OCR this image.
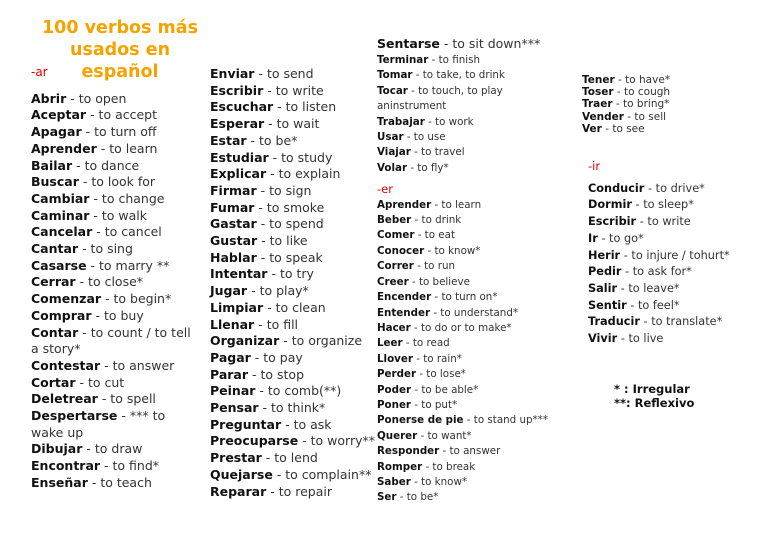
100 verbos más usados en español
-ar
Abrir - to open
Aceptar - to accept
Apagar - to turn off
Aprender - to learn
Bailar - to dance
Buscar - to look for
Cambiar - to change
Caminar - to walk
Cancelar - to cancel
Cantar - to sing
Casarse - to marry **
Cerrar - to close*
Comenzar - to begin*
Comprar - to buy
Contar - to count / to tell a story*
Contestar - to answer
Cortar - to cut
Deletrear - to spell
Despertarse - *** to wake up
Dibujar - to draw
Encontrar - to find*
Enseñar - to teach
Enviar - to send
Escribir - to write
Escuchar - to listen
Esperar - to wait
Estar - to be*
Estudiar - to study
Explicar - to explain
Firmar - to sign
Fumar - to smoke
Gastar - to spend
Gustar - to like
Hablar - to speak
Intentar - to try
Jugar - to play*
Limpiar - to clean
Llenar - to fill
Organizar - to organize
Pagar - to pay
Parar - to stop
Peinar - to comb(**)
Pensar - to think*
Preguntar - to ask
Preocuparse - to worry**
Prestar - to lend
Quejarse - to complain**
Reparar - to repair
Sentarse - to sit down***
Terminar - to finish
Tomar - to take, to drink
Tocar - to touch, to play aninstrument
Trabajar - to work
Usar - to use
Viajar - to travel
Volar - to fly*
-er
Aprender - to learn
Beber - to drink
Comer - to eat
Conocer - to know*
Correr - to run
Creer - to believe
Encender - to turn on*
Entender - to understand*
Hacer - to do or to make*
Leer - to read
Llover - to rain*
Perder - to lose*
Poder - to be able*
Poner - to put*
Ponerse de pie - to stand up***
Querer - to want*
Responder - to answer
Romper - to break
Saber - to know*
Ser - to be*
Tener - to have*
Toser - to cough
Traer - to bring*
Vender - to sell
Ver - to see
-ir
Conducir - to drive*
Dormir - to sleep*
Escribir - to write
Ir - to go*
Herir - to injure / tohurt*
Pedir - to ask for*
Salir - to leave*
Sentir - to feel*
Traducir - to translate*
Vivir - to live
* : Irregular
**: Reflexivo
